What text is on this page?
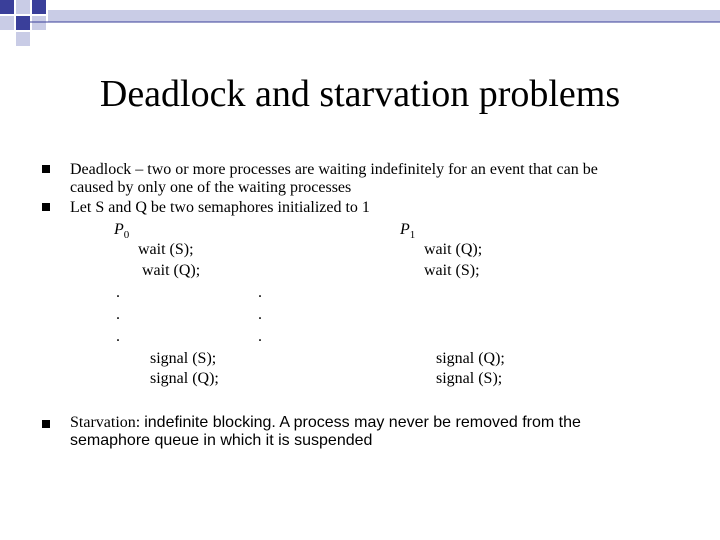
Deadlock and starvation problems
Deadlock – two or more processes are waiting indefinitely for an event that can be
caused by only one of the waiting processes
Let S and Q be two semaphores initialized to 1
$P_0$	$P_1$
wait (S);
wait (Q);
.
.
.
signal (S);
signal (Q);
.
.
.
wait (Q);
wait (S);
signal (Q);
signal (S);
Starvation: indefinite blocking. A process may never be removed from the
semaphore queue in which it is suspended
